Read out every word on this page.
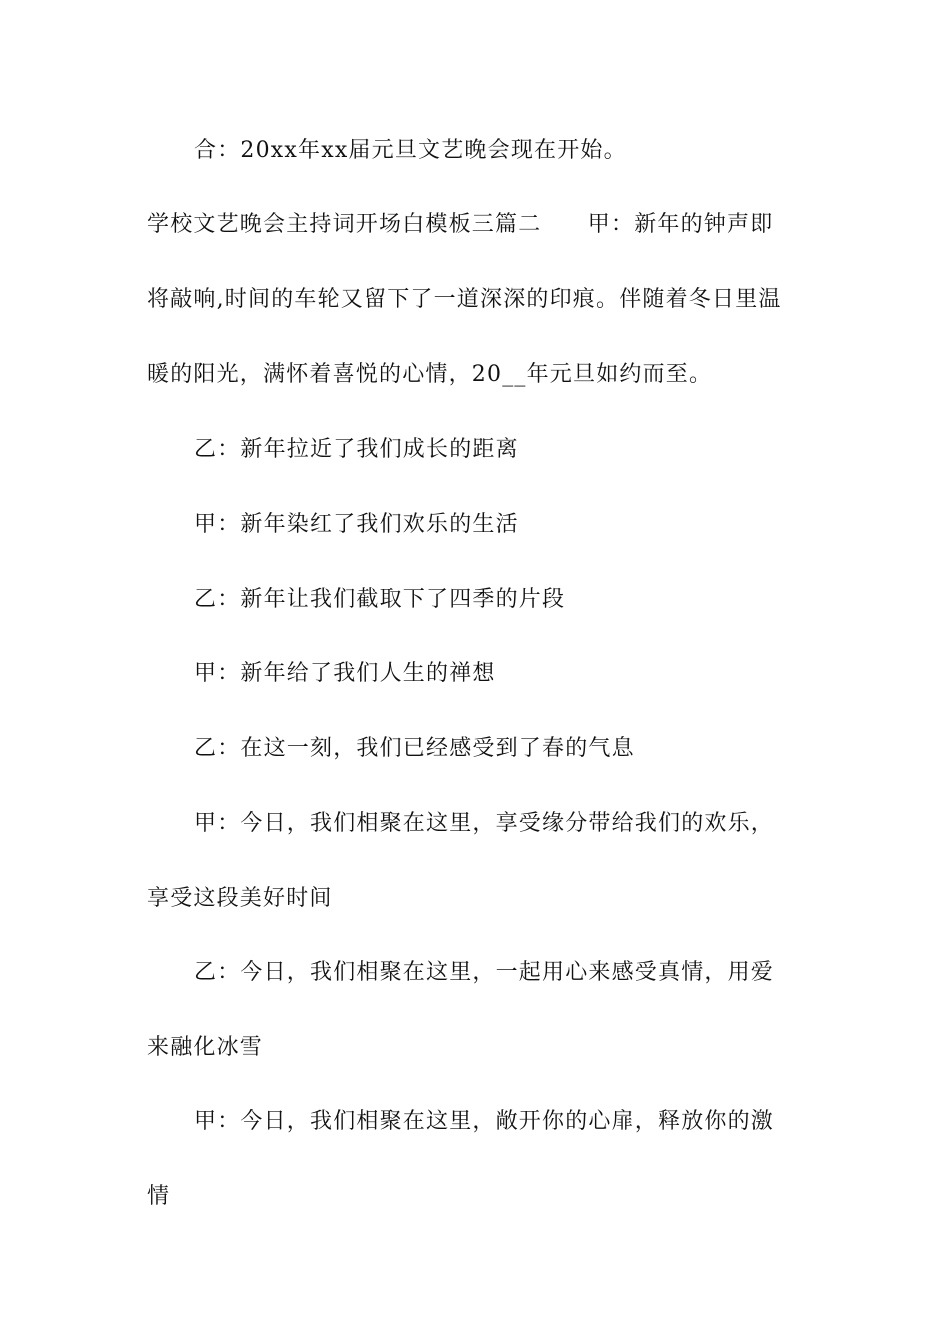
合：20xx年xx届元旦文艺晚会现在开始。
学校文艺晚会主持词开场白模板三篇二　　甲：新年的钟声即
将敲响,时间的车轮又留下了一道深深的印痕。伴随着冬日里温
暖的阳光，满怀着喜悦的心情，20__年元旦如约而至。
乙：新年拉近了我们成长的距离
甲：新年染红了我们欢乐的生活
乙：新年让我们截取下了四季的片段
甲：新年给了我们人生的禅想
乙：在这一刻，我们已经感受到了春的气息
甲：今日，我们相聚在这里，享受缘分带给我们的欢乐，
享受这段美好时间
乙：今日，我们相聚在这里，一起用心来感受真情，用爱
来融化冰雪
甲：今日，我们相聚在这里，敞开你的心扉，释放你的激
情
